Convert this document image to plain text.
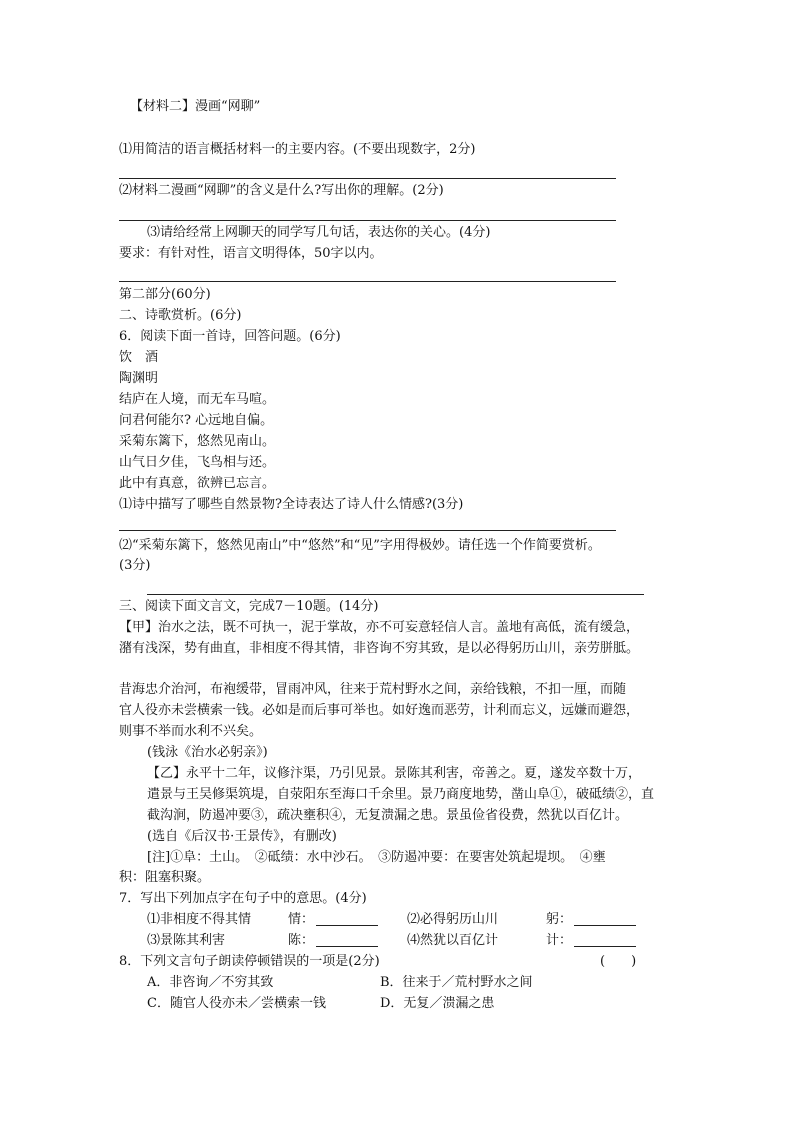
【材料二】漫画“网聊”
⑴用简洁的语言概括材料一的主要内容。(不要出现数字，2分)
⑵材料二漫画“网聊”的含义是什么?写出你的理解。(2分)
⑶请给经常上网聊天的同学写几句话，表达你的关心。(4分)
要求：有针对性，语言文明得体，50字以内。
第二部分(60分)
二、诗歌赏析。(6分)
6．阅读下面一首诗，回答问题。(6分)
饮　酒
陶渊明
结庐在人境，而无车马喧。
问君何能尔? 心远地自偏。
采菊东篱下，悠然见南山。
山气日夕佳，飞鸟相与还。
此中有真意，欲辨已忘言。
⑴诗中描写了哪些自然景物?全诗表达了诗人什么情感?(3分)
⑵“采菊东篱下，悠然见南山”中“悠然”和“见”字用得极妙。请任选一个作简要赏析。
(3分)
三、阅读下面文言文，完成7－10题。(14分)
【甲】治水之法，既不可执一，泥于掌故，亦不可妄意轻信人言。盖地有高低，流有缓急，
潴有浅深，势有曲直，非相度不得其情，非咨询不穷其致，是以必得躬历山川，亲劳胼胝。
昔海忠介治河，布袍缓带，冒雨冲风，往来于荒村野水之间，亲给钱粮，不扣一厘，而随
官人役亦未尝横索一钱。必如是而后事可举也。如好逸而恶劳，计利而忘义，远嫌而避怨，
则事不举而水利不兴矣。
(钱泳《治水必躬亲》)
【乙】永平十二年，议修汴渠，乃引见景。景陈其利害，帝善之。夏，遂发卒数十万，
遣景与王吴修渠筑堤，自荥阳东至海口千余里。景乃商度地势，凿山阜①，破砥绩②，直
截沟涧，防遏冲要③，疏决壅积④，无复溃漏之患。景虽俭省役费，然犹以百亿计。
(选自《后汉书·王景传》，有删改)
[注]①阜：土山。　②砥绩：水中沙石。　③防遏冲要：在要害处筑起堤坝。　④壅
积：阻塞积聚。
7．写出下列加点字在句子中的意思。(4分)
⑴非相度不得其情	情：	⑵必得躬历山川	躬：
⑶景陈其利害	陈：	⑷然犹以百亿计	计：
8．下列文言句子朗读停顿错误的一项是(2分)	(　　)
A．非咨询／不穷其致	B．往来于／荒村野水之间
C．随官人役亦未／尝横索一钱	D．无复／溃漏之患
